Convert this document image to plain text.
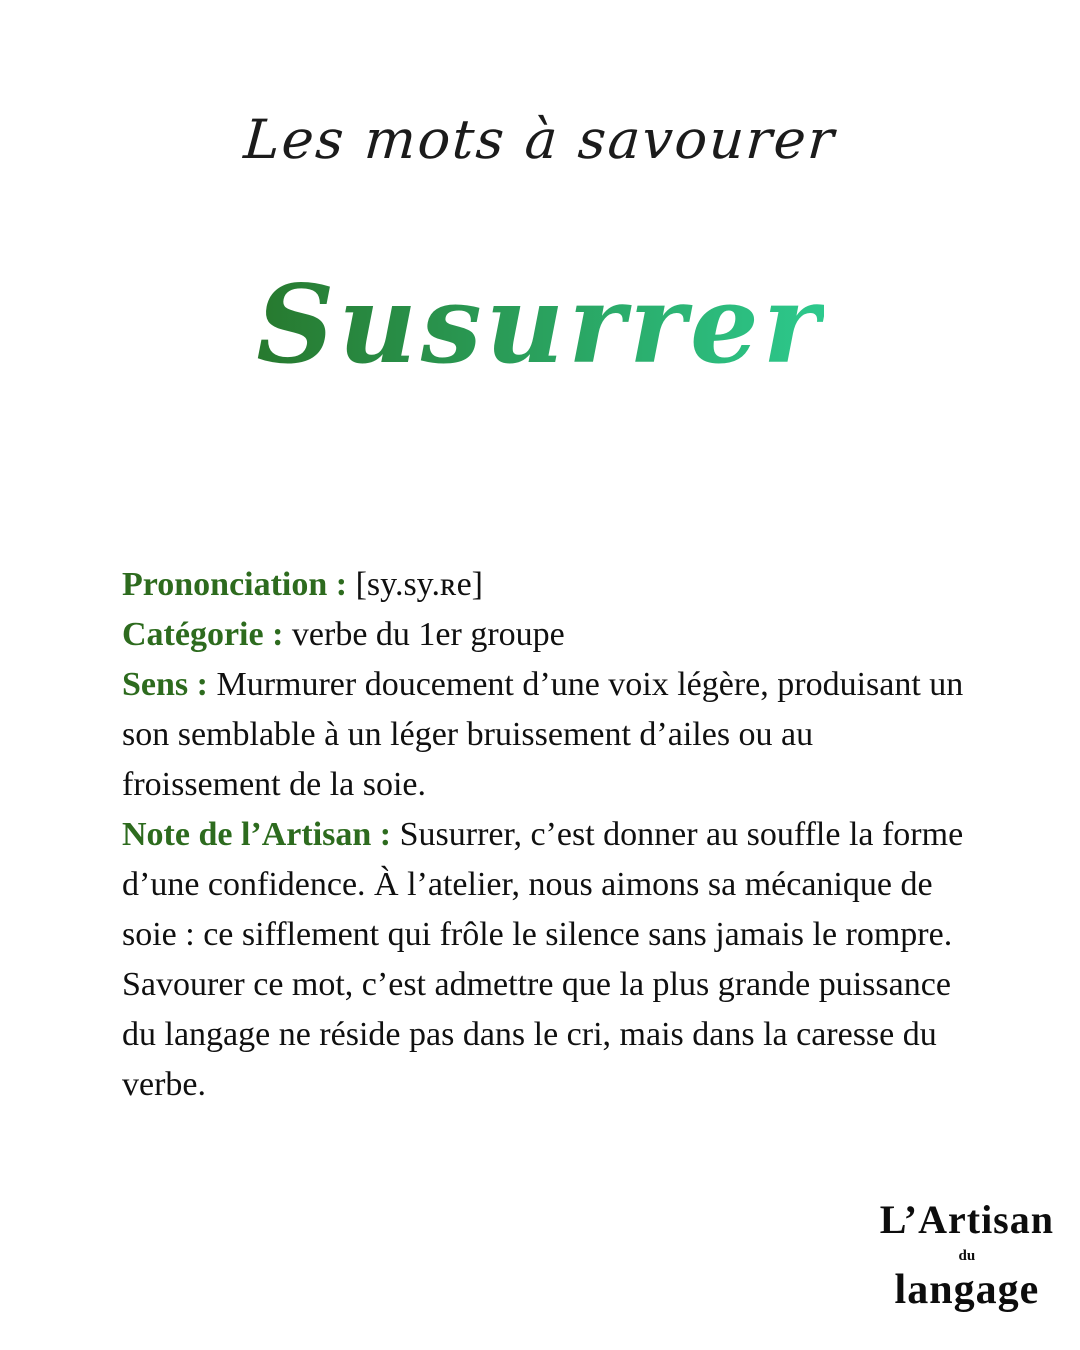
Les mots à savourer
Susurrer

Prononciation : [sy.sy.ʀe]

Catégorie : verbe du 1er groupe

Sens : Murmurer doucement d’une voix légère, produisant un son semblable à un léger bruissement d’ailes ou au froissement de la soie.

Note de l’Artisan : Susurrer, c’est donner au souffle la forme d’une confidence. À l’atelier, nous aimons sa mécanique de soie : ce sifflement qui frôle le silence sans jamais le rompre. Savourer ce mot, c’est admettre que la plus grande puissance du langage ne réside pas dans le cri, mais dans la caresse du verbe.

L’Artisan
du
langage
